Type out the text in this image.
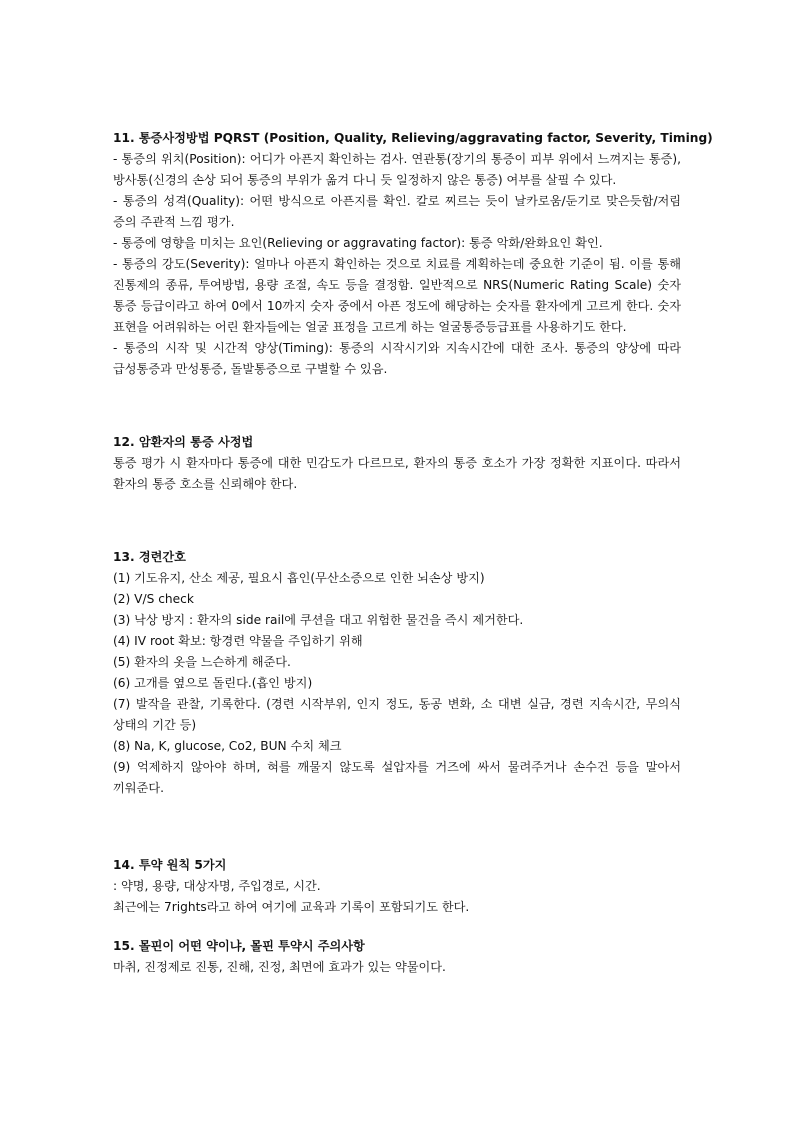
11. 통증사정방법 PQRST (Position, Quality, Relieving/aggravating factor, Severity, Timing)

- 통증의 위치(Position): 어디가 아픈지 확인하는 검사. 연관통(장기의 통증이 피부 위에서 느껴지는 통증), 방사통(신경의 손상 되어 통증의 부위가 옮겨 다니 듯 일정하지 않은 통증) 여부를 살필 수 있다.

- 통증의 성격(Quality): 어떤 방식으로 아픈지를 확인. 칼로 찌르는 듯이 날카로움/둔기로 맞은듯함/저림 증의 주관적 느낌 평가.

- 통증에 영향을 미치는 요인(Relieving or aggravating factor): 통증 악화/완화요인 확인.

- 통증의 강도(Severity): 얼마나 아픈지 확인하는 것으로 치료를 계획하는데 중요한 기준이 됨. 이를 통해 진통제의 종류, 투여방법, 용량 조절, 속도 등을 결정함. 일반적으로 NRS(Numeric Rating Scale) 숫자 통증 등급이라고 하여 0에서 10까지 숫자 중에서 아픈 정도에 해당하는 숫자를 환자에게 고르게 한다. 숫자 표현을 어려워하는 어린 환자들에는 얼굴 표정을 고르게 하는 얼굴통증등급표를 사용하기도 한다.

- 통증의 시작 및 시간적 양상(Timing): 통증의 시작시기와 지속시간에 대한 조사. 통증의 양상에 따라 급성통증과 만성통증, 돌발통증으로 구별할 수 있음.

12. 암환자의 통증 사정법

통증 평가 시 환자마다 통증에 대한 민감도가 다르므로, 환자의 통증 호소가 가장 정확한 지표이다. 따라서 환자의 통증 호소를 신뢰해야 한다.

13. 경련간호

(1) 기도유지, 산소 제공, 필요시 흡인(무산소증으로 인한 뇌손상 방지)

(2) V/S check

(3) 낙상 방지 : 환자의 side rail에 쿠션을 대고 위험한 물건을 즉시 제거한다.

(4) IV root 확보: 항경련 약물을 주입하기 위해

(5) 환자의 옷을 느슨하게 해준다.

(6) 고개를 옆으로 돌린다.(흡인 방지)

(7) 발작을 관찰, 기록한다. (경련 시작부위, 인지 정도, 동공 변화, 소 대변 실금, 경련 지속시간, 무의식 상태의 기간 등)

(8) Na, K, glucose, Co2, BUN 수치 체크

(9) 억제하지 않아야 하며, 혀를 깨물지 않도록 설압자를 거즈에 싸서 물려주거나 손수건 등을 말아서 끼워준다.

14. 투약 원칙 5가지

: 약명, 용량, 대상자명, 주입경로, 시간.

최근에는 7rights라고 하여 여기에 교육과 기록이 포함되기도 한다.

15. 몰핀이 어떤 약이냐, 몰핀 투약시 주의사항

마취, 진정제로 진통, 진해, 진정, 최면에 효과가 있는 약물이다.
